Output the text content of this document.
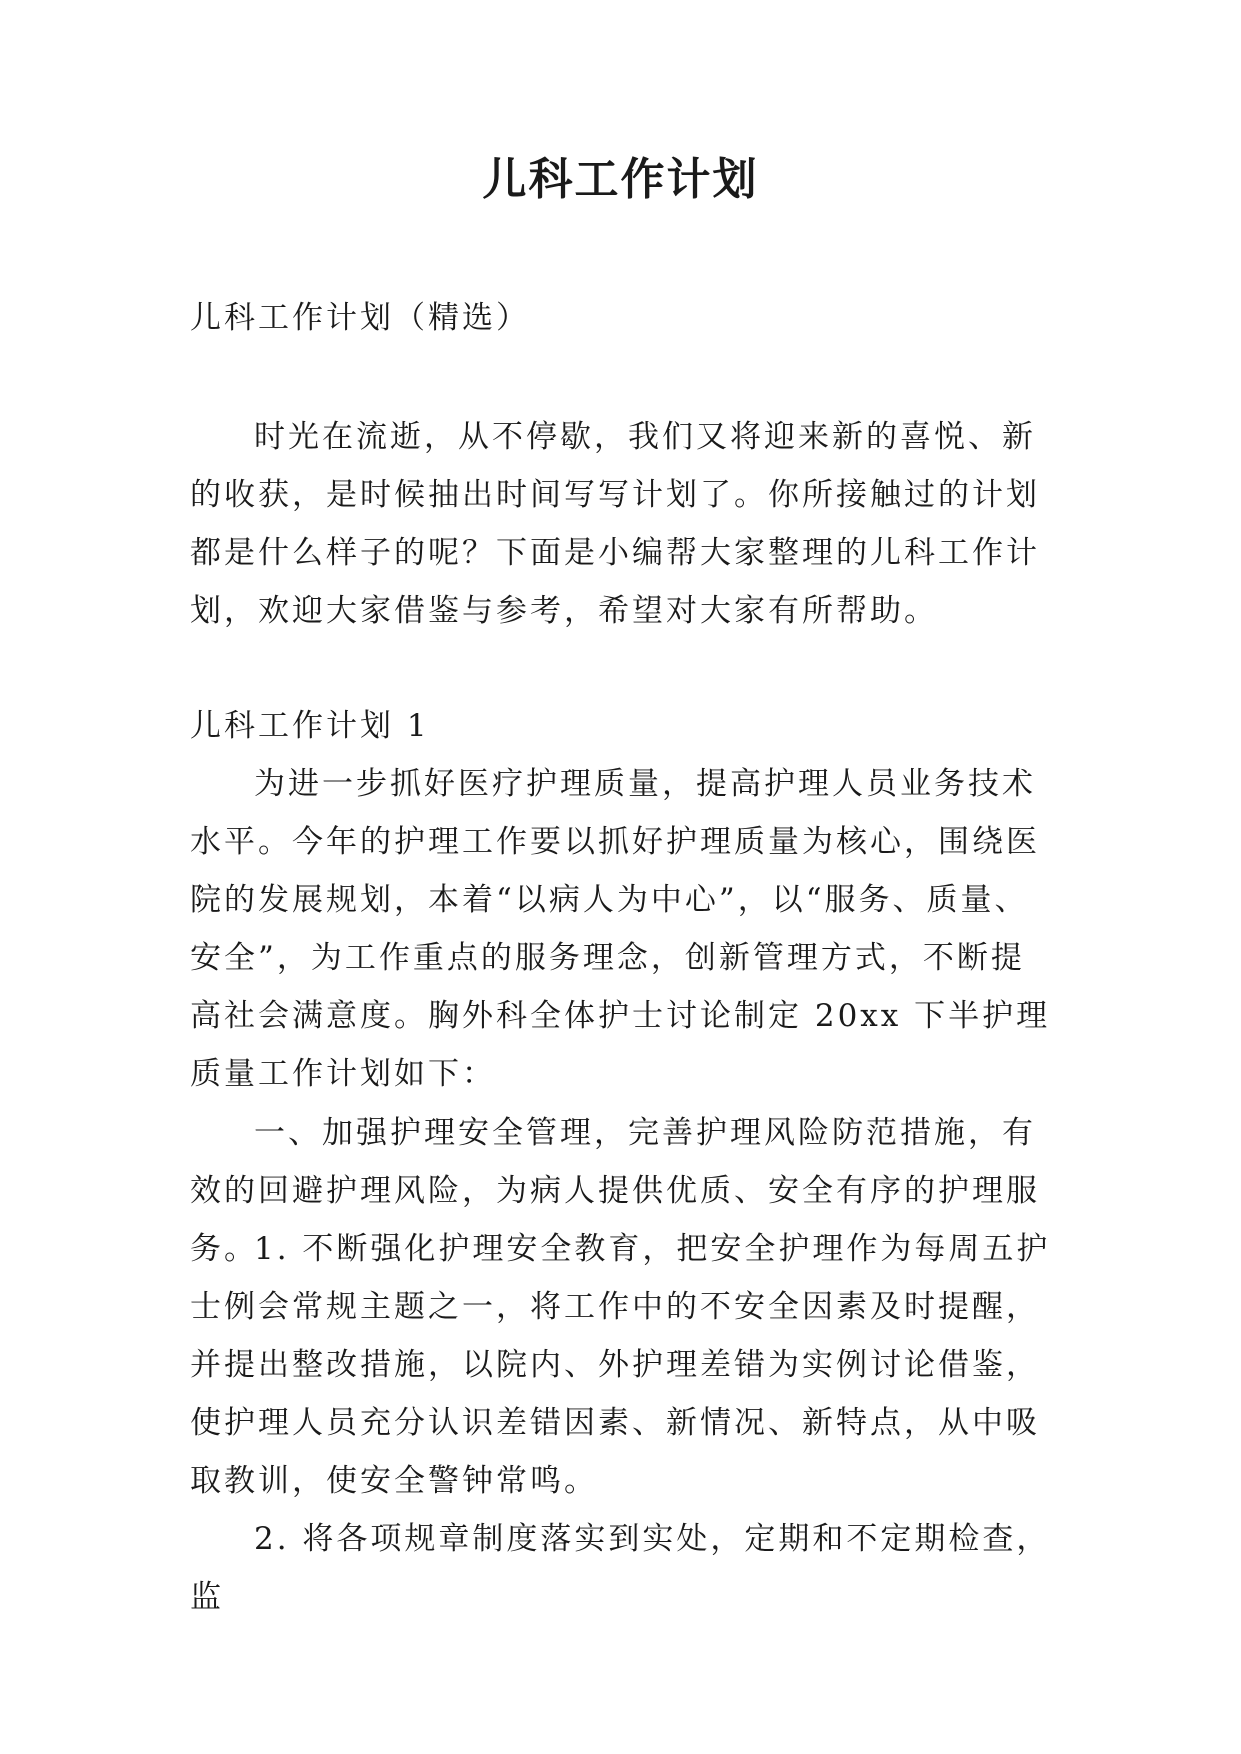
儿科工作计划

儿科工作计划（精选）

时光在流逝，从不停歇，我们又将迎来新的喜悦、新的收获，是时候抽出时间写写计划了。你所接触过的计划都是什么样子的呢？下面是小编帮大家整理的儿科工作计划，欢迎大家借鉴与参考，希望对大家有所帮助。

儿科工作计划 1

为进一步抓好医疗护理质量，提高护理人员业务技术水平。今年的护理工作要以抓好护理质量为核心，围绕医院的发展规划，本着“以病人为中心”，以“服务、质量、安全”，为工作重点的服务理念，创新管理方式，不断提高社会满意度。胸外科全体护士讨论制定 20xx 下半护理质量工作计划如下：

一、加强护理安全管理，完善护理风险防范措施，有效的回避护理风险，为病人提供优质、安全有序的护理服务。

1. 不断强化护理安全教育，把安全护理作为每周五护士例会常规主题之一，将工作中的不安全因素及时提醒，并提出整改措施，以院内、外护理差错为实例讨论借鉴，使护理人员充分认识差错因素、新情况、新特点，从中吸取教训，使安全警钟常鸣。

2. 将各项规章制度落实到实处，定期和不定期检查，监
